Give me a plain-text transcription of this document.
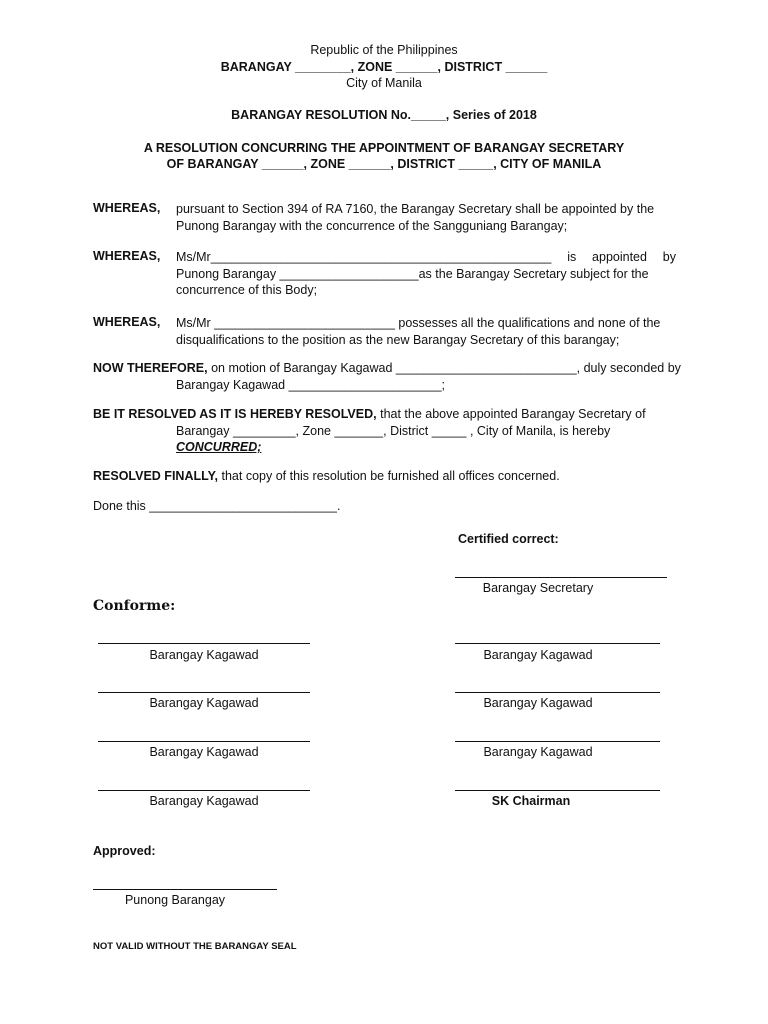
Republic of the Philippines
BARANGAY ________, ZONE ______, DISTRICT ______
City of Manila
BARANGAY RESOLUTION No._____, Series of 2018
A RESOLUTION CONCURRING THE APPOINTMENT OF BARANGAY SECRETARY
OF BARANGAY ______, ZONE ______, DISTRICT _____, CITY OF MANILA
WHEREAS, pursuant to Section 394 of RA 7160, the Barangay Secretary shall be appointed by the
Punong Barangay with the concurrence of the Sangguniang Barangay;
WHEREAS, Ms/Mr_________________________________________________ is appointed by
Punong Barangay ____________________as the Barangay Secretary subject for the
concurrence of this Body;
WHEREAS, Ms/Mr __________________________ possesses all the qualifications and none of the
disqualifications to the position as the new Barangay Secretary of this barangay;
NOW THEREFORE, on motion of Barangay Kagawad __________________________, duly seconded by
Barangay Kagawad ______________________;
BE IT RESOLVED AS IT IS HEREBY RESOLVED, that the above appointed Barangay Secretary of
Barangay _________, Zone _______, District _____ , City of Manila, is hereby
CONCURRED;
RESOLVED FINALLY, that copy of this resolution be furnished all offices concerned.
Done this ___________________________.
Certified correct:
Barangay Secretary
Conforme:
Barangay Kagawad
Barangay Kagawad
Barangay Kagawad
Barangay Kagawad
Barangay Kagawad
Barangay Kagawad
Barangay Kagawad
SK Chairman
Approved:
Punong Barangay
NOT VALID WITHOUT THE BARANGAY SEAL
